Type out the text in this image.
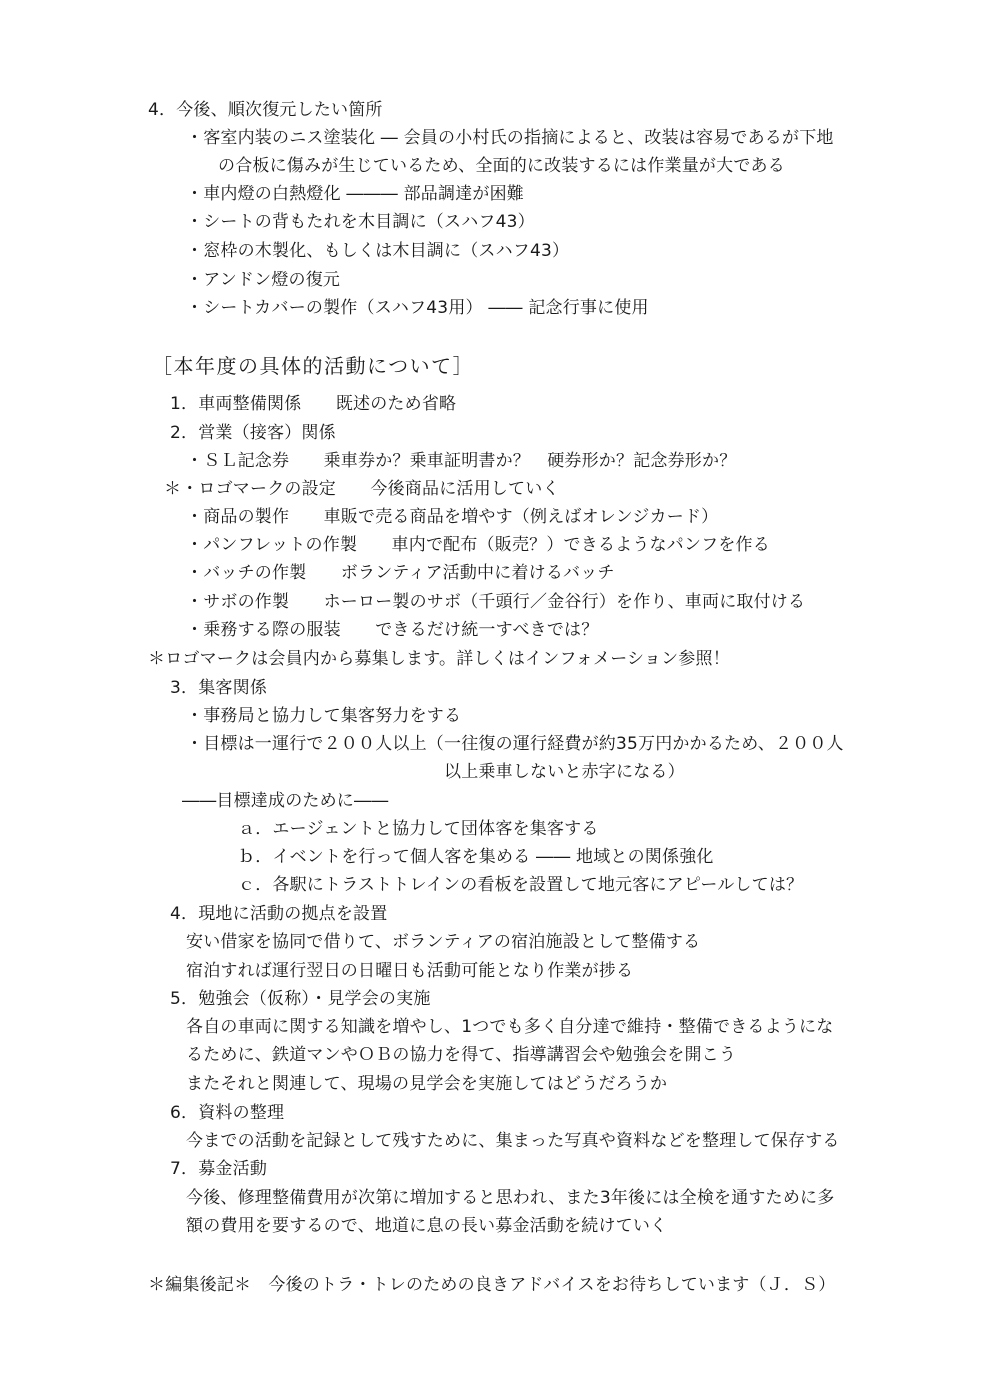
4．今後、順次復元したい箇所
・客室内装のニス塗装化 ― 会員の小村氏の指摘によると、改装は容易であるが下地
の合板に傷みが生じているため、全面的に改装するには作業量が大である
・車内燈の白熱燈化 ――― 部品調達が困難
・シートの背もたれを木目調に（スハフ43）
・窓枠の木製化、もしくは木目調に（スハフ43）
・アンドン燈の復元
・シートカバーの製作（スハフ43用） ―― 記念行事に使用
［本年度の具体的活動について］
1．車両整備関係　　既述のため省略
2．営業（接客）関係
・ＳＬ記念券　　乗車券か？乗車証明書か？　硬券形か？記念券形か？
＊・ロゴマークの設定　　今後商品に活用していく
・商品の製作　　車販で売る商品を増やす（例えばオレンジカード）
・パンフレットの作製　　車内で配布（販売？）できるようなパンフを作る
・バッチの作製　　ボランティア活動中に着けるバッチ
・サボの作製　　ホーロー製のサボ（千頭行／金谷行）を作り、車両に取付ける
・乗務する際の服装　　できるだけ統一すべきでは？
＊ロゴマークは会員内から募集します。詳しくはインフォメーション参照！
3．集客関係
・事務局と協力して集客努力をする
・目標は一運行で２００人以上（一往復の運行経費が約35万円かかるため、２００人
以上乗車しないと赤字になる）
――目標達成のために――
ａ．エージェントと協力して団体客を集客する
ｂ．イベントを行って個人客を集める ―― 地域との関係強化
ｃ．各駅にトラストトレインの看板を設置して地元客にアピールしては？
4．現地に活動の拠点を設置
安い借家を協同で借りて、ボランティアの宿泊施設として整備する
宿泊すれば運行翌日の日曜日も活動可能となり作業が捗る
5．勉強会（仮称）・見学会の実施
各自の車両に関する知識を増やし、1つでも多く自分達で維持・整備できるようにな
るために、鉄道マンやＯＢの協力を得て、指導講習会や勉強会を開こう
またそれと関連して、現場の見学会を実施してはどうだろうか
6．資料の整理
今までの活動を記録として残すために、集まった写真や資料などを整理して保存する
7．募金活動
今後、修理整備費用が次第に増加すると思われ、また3年後には全検を通すために多
額の費用を要するので、地道に息の長い募金活動を続けていく
＊編集後記＊　今後のトラ・トレのための良きアドバイスをお待ちしています（Ｊ．Ｓ）
